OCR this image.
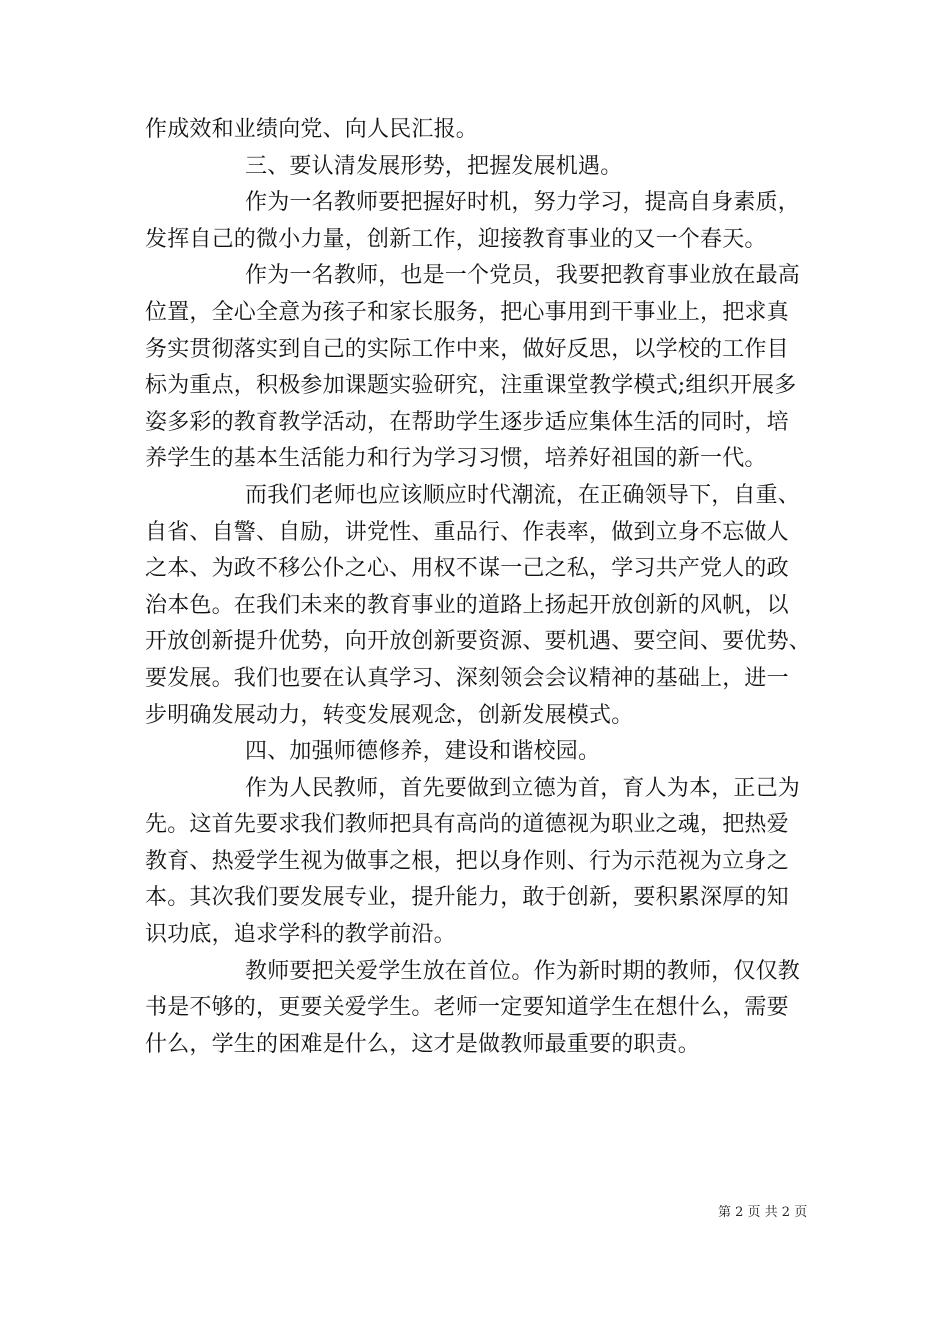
作成效和业绩向党、向人民汇报。
三、要认清发展形势，把握发展机遇。
作为一名教师要把握好时机，努力学习，提高自身素质，
发挥自己的微小力量，创新工作，迎接教育事业的又一个春天。
作为一名教师，也是一个党员，我要把教育事业放在最高
位置，全心全意为孩子和家长服务，把心事用到干事业上，把求真
务实贯彻落实到自己的实际工作中来，做好反思，以学校的工作目
标为重点，积极参加课题实验研究，注重课堂教学模式;组织开展多
姿多彩的教育教学活动，在帮助学生逐步适应集体生活的同时，培
养学生的基本生活能力和行为学习习惯，培养好祖国的新一代。
而我们老师也应该顺应时代潮流，在正确领导下，自重、
自省、自警、自励，讲党性、重品行、作表率，做到立身不忘做人
之本、为政不移公仆之心、用权不谋一己之私，学习共产党人的政
治本色。在我们未来的教育事业的道路上扬起开放创新的风帆，以
开放创新提升优势，向开放创新要资源、要机遇、要空间、要优势、
要发展。我们也要在认真学习、深刻领会会议精神的基础上，进一
步明确发展动力，转变发展观念，创新发展模式。
四、加强师德修养，建设和谐校园。
作为人民教师，首先要做到立德为首，育人为本，正己为
先。这首先要求我们教师把具有高尚的道德视为职业之魂，把热爱
教育、热爱学生视为做事之根，把以身作则、行为示范视为立身之
本。其次我们要发展专业，提升能力，敢于创新，要积累深厚的知
识功底，追求学科的教学前沿。
教师要把关爱学生放在首位。作为新时期的教师，仅仅教
书是不够的，更要关爱学生。老师一定要知道学生在想什么，需要
什么，学生的困难是什么，这才是做教师最重要的职责。
第 2 页 共 2 页
